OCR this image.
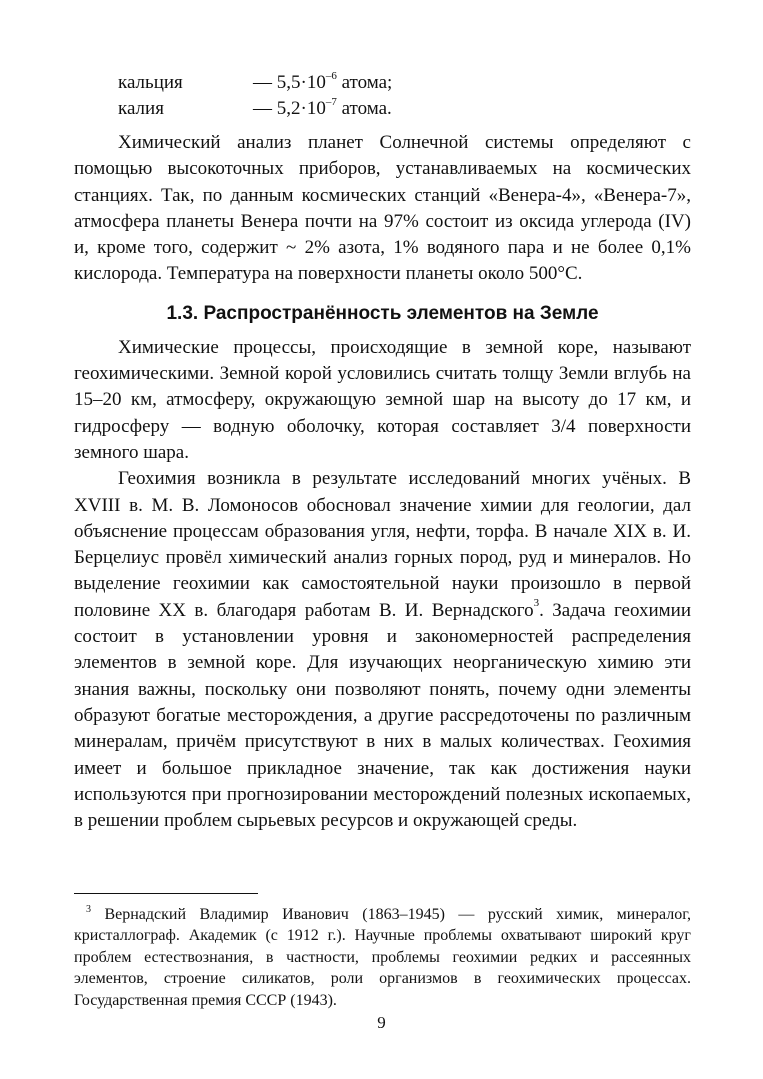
кальция	— $5,5\cdot 10^{-6}$ атома;
калия	— $5,2\cdot 10^{-7}$ атома.

Химический анализ планет Солнечной системы определяют с помощью высокоточных приборов, устанавливаемых на космических станциях. Так, по данным космических станций «Венера-4», «Венера-7», атмосфера планеты Венера почти на 97% состоит из оксида углерода (IV) и, кроме того, содержит ~ 2% азота, 1% водяного пара и не более 0,1% кислорода. Температура на поверхности планеты около 500°С.

1.3. Распространённость элементов на Земле

Химические процессы, происходящие в земной коре, называют геохимическими. Земной корой условились считать толщу Земли вглубь на 15–20 км, атмосферу, окружающую земной шар на высоту до 17 км, и гидросферу — водную оболочку, которая составляет 3/4 поверхности земного шара.

Геохимия возникла в результате исследований многих учёных. В XVIII в. М. В. Ломоносов обосновал значение химии для геологии, дал объяснение процессам образования угля, нефти, торфа. В начале XIX в. И. Берцелиус провёл химический анализ горных пород, руд и минералов. Но выделение геохимии как самостоятельной науки произошло в первой половине XX в. благодаря работам В. И. Вернадского$^3$. Задача геохимии состоит в установлении уровня и закономерностей распределения элементов в земной коре. Для изучающих неорганическую химию эти знания важны, поскольку они позволяют понять, почему одни элементы образуют богатые месторождения, а другие рассредоточены по различным минералам, причём присутствуют в них в малых количествах. Геохимия имеет и большое прикладное значение, так как достижения науки используются при прогнозировании месторождений полезных ископаемых, в решении проблем сырьевых ресурсов и окружающей среды.

$^3$ Вернадский Владимир Иванович (1863–1945) — русский химик, минералог, кристаллограф. Академик (с 1912 г.). Научные проблемы охватывают широкий круг проблем естествознания, в частности, проблемы геохимии редких и рассеянных элементов, строение силикатов, роли организмов в геохимических процессах. Государственная премия СССР (1943).

9
